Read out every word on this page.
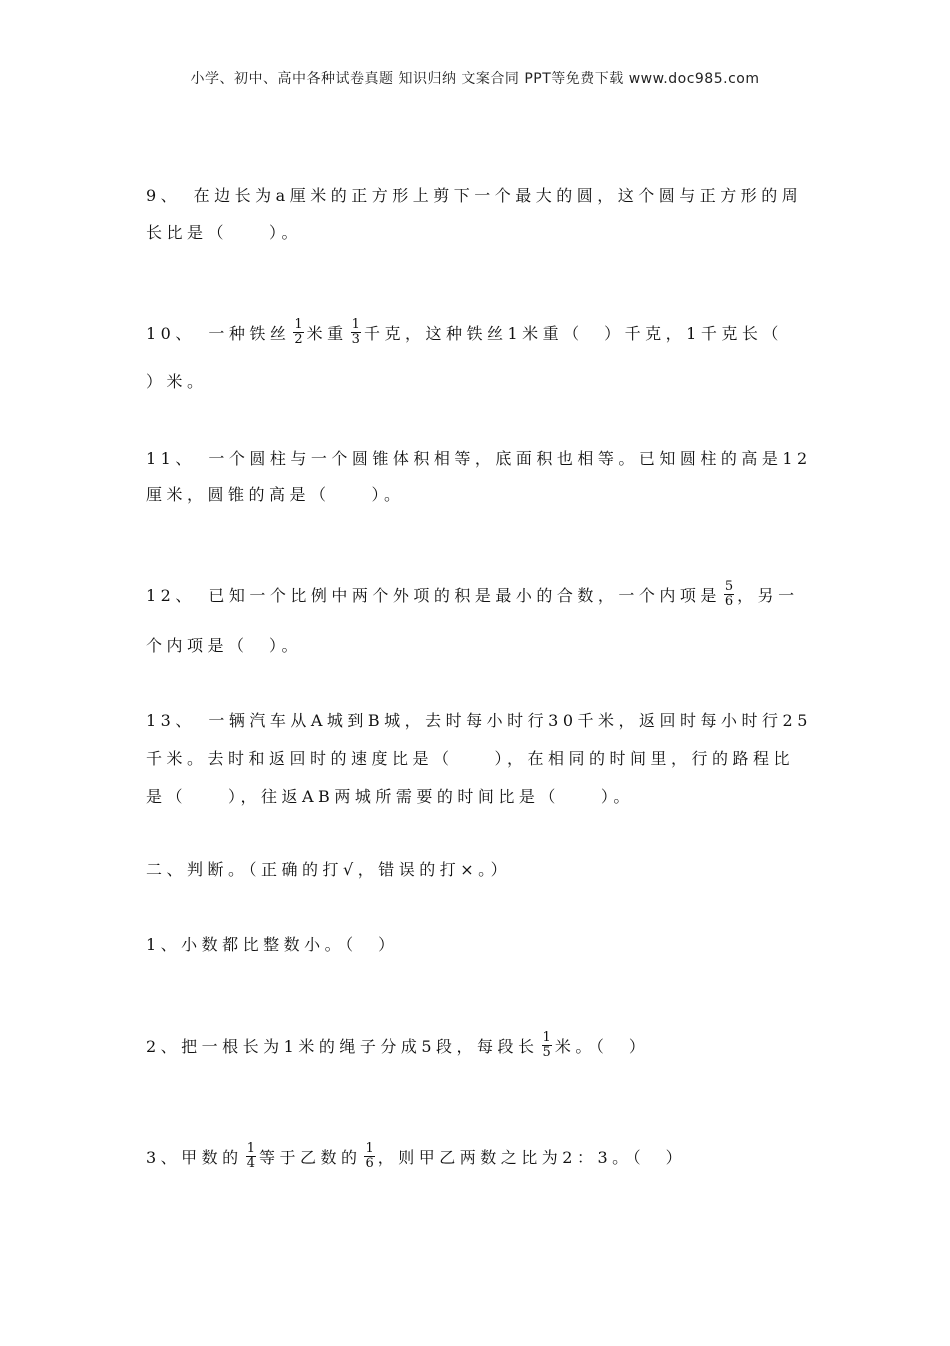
小学、初中、高中各种试卷真题 知识归纳 文案合同 PPT等免费下载 www.doc985.com
9、　在边长为a厘米的正方形上剪下一个最大的圆，这个圆与正方形的周
长比是（　　）。
10、　一种铁丝 $\frac{1}{2}$ 米重 $\frac{1}{3}$ 千克，这种铁丝1米重（　）千克，1千克长（
）米。
11、　一个圆柱与一个圆锥体积相等，底面积也相等。已知圆柱的高是12
厘米，圆锥的高是（　　）。
12、　已知一个比例中两个外项的积是最小的合数，一个内项是 $\frac{5}{6}$ ，另一
个内项是（　）。
13、　一辆汽车从A城到B城，去时每小时行30千米，返回时每小时行25
千米。去时和返回时的速度比是（　　），在相同的时间里，行的路程比
是（　　），往返AB两城所需要的时间比是（　　）。
二、判断。（正确的打√，错误的打×。）
1、小数都比整数小。（　）
2、把一根长为1米的绳子分成5段，每段长 $\frac{1}{5}$ 米。（　）
3、甲数的 $\frac{1}{4}$ 等于乙数的 $\frac{1}{6}$ ，则甲乙两数之比为2：3。（　）
